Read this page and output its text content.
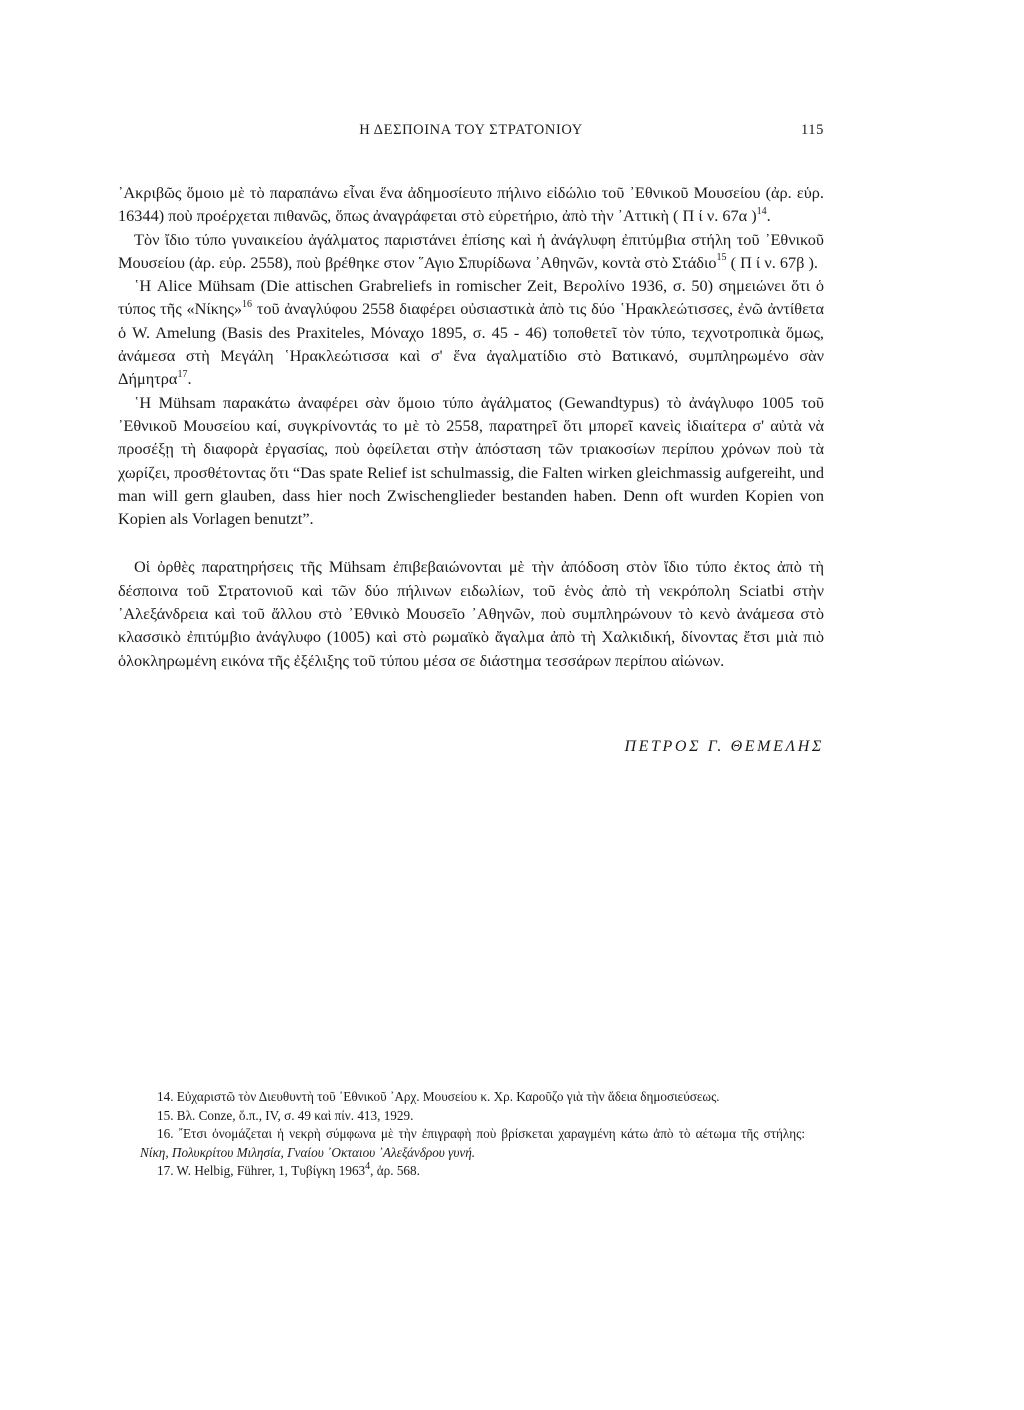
Η ΔΕΣΠΟΙΝΑ ΤΟΥ ΣΤΡΑΤΟΝΙΟΥ	115

᾿Ακριβῶς ὅμοιο μὲ τὸ παραπάνω εἶναι ἕνα ἀδημοσίευτο πήλινο εἰδώλιο τοῦ ᾿Εθνικοῦ Μουσείου (ἀρ. εὑρ. 16344) ποὺ προέρχεται πιθανῶς, ὅπως ἀναγράφεται στὸ εὑρετήριο, ἀπὸ τὴν ᾿Αττικὴ ( Π ί ν. 67α )$^{14}$.

Τὸν ἴδιο τύπο γυναικείου ἀγάλματος παριστάνει ἐπίσης καὶ ἡ ἀνάγλυφη ἐπιτύμβια στήλη τοῦ ᾿Εθνικοῦ Μουσείου (ἀρ. εὑρ. 2558), ποὺ βρέθηκε στον ῞Αγιο Σπυρίδωνα ᾿Αθηνῶν, κοντὰ στὸ Στάδιο$^{15}$ ( Π ί ν. 67β ).

῾Η Alice Mühsam (Die attischen Grabreliefs in romischer Zeit, Βερολίνο 1936, σ. 50) σημειώνει ὅτι ὁ τύπος τῆς «Νίκης»$^{16}$ τοῦ ἀναγλύφου 2558 διαφέρει οὐσιαστικὰ ἀπὸ τις δύο ῾Ηρακλεώτισσες, ἐνῶ ἀντίθετα ὁ W. Amelung (Basis des Praxiteles, Μόναχο 1895, σ. 45 - 46) τοποθετεῖ τὸν τύπο, τεχνοτροπικὰ ὅμως, ἀνάμεσα στὴ Μεγάλη ῾Ηρακλεώτισσα καὶ σ' ἕνα ἀγαλματίδιο στὸ Βατικανό, συμπληρωμένο σὰν Δήμητρα$^{17}$.

῾Η Mühsam παρακάτω ἀναφέρει σὰν ὅμοιο τύπο ἀγάλματος (Gewandtypus) τὸ ἀνάγλυφο 1005 τοῦ ᾿Εθνικοῦ Μουσείου καί, συγκρίνοντάς το μὲ τὸ 2558, παρατηρεῖ ὅτι μπορεῖ κανεὶς ἰδιαίτερα σ' αὐτὰ νὰ προσέξῃ τὴ διαφορὰ ἐργασίας, ποὺ ὀφείλεται στὴν ἀπόσταση τῶν τριακοσίων περίπου χρόνων ποὺ τὰ χωρίζει, προσθέτοντας ὅτι “Das spate Relief ist schulmassig, die Falten wirken gleichmassig aufgereiht, und man will gern glauben, dass hier noch Zwischenglieder bestanden haben. Denn oft wurden Kopien von Kopien als Vorlagen benutzt”.

Οἱ ὀρθὲς παρατηρήσεις τῆς Mühsam ἐπιβεβαιώνονται μὲ τὴν ἀπόδοση στὸν ἴδιο τύπο ἐκτος ἀπὸ τὴ δέσποινα τοῦ Στρατονιοῦ καὶ τῶν δύο πήλινων ειδωλίων, τοῦ ἑνὸς ἀπὸ τὴ νεκρόπολη Sciatbi στὴν ᾿Αλεξάνδρεια καὶ τοῦ ἄλλου στὸ ᾿Εθνικὸ Μουσεῖο ᾿Αθηνῶν, ποὺ συμπληρώνουν τὸ κενὸ ἀνάμεσα στὸ κλασσικὸ ἐπιτύμβιο ἀνάγλυφο (1005) καὶ στὸ ρωμαϊκὸ ἄγαλμα ἀπὸ τὴ Χαλκιδική, δίνοντας ἔτσι μιὰ πιὸ ὁλοκληρωμένη εικόνα τῆς ἐξέλιξης τοῦ τύπου μέσα σε διάστημα τεσσάρων περίπου αἰώνων.

ΠΕΤΡΟΣ Γ. ΘΕΜΕΛΗΣ

14. Εὐχαριστῶ τὸν Διευθυντὴ τοῦ ᾿Εθνικοῦ ᾿Αρχ. Μουσείου κ. Χρ. Καροῦζο γιὰ τὴν ἄδεια δημοσιεύσεως.

15. Βλ. Conze, ὅ.π., IV, σ. 49 καὶ πίν. 413, 1929.

16. ῎Ετσι ὀνομάζεται ἡ νεκρὴ σύμφωνα μὲ τὴν ἐπιγραφὴ ποὺ βρίσκεται χαραγμένη κάτω ἀπὸ τὸ αέτωμα τῆς στήλης: Νίκη, Πολυκρίτου Μιλησία, Γναίου ᾿Οκταιου ᾿Αλεξάνδρου γυνή.

17. W. Helbig, Führer, 1, Τυβίγκη 1963$^4$, ἀρ. 568.
